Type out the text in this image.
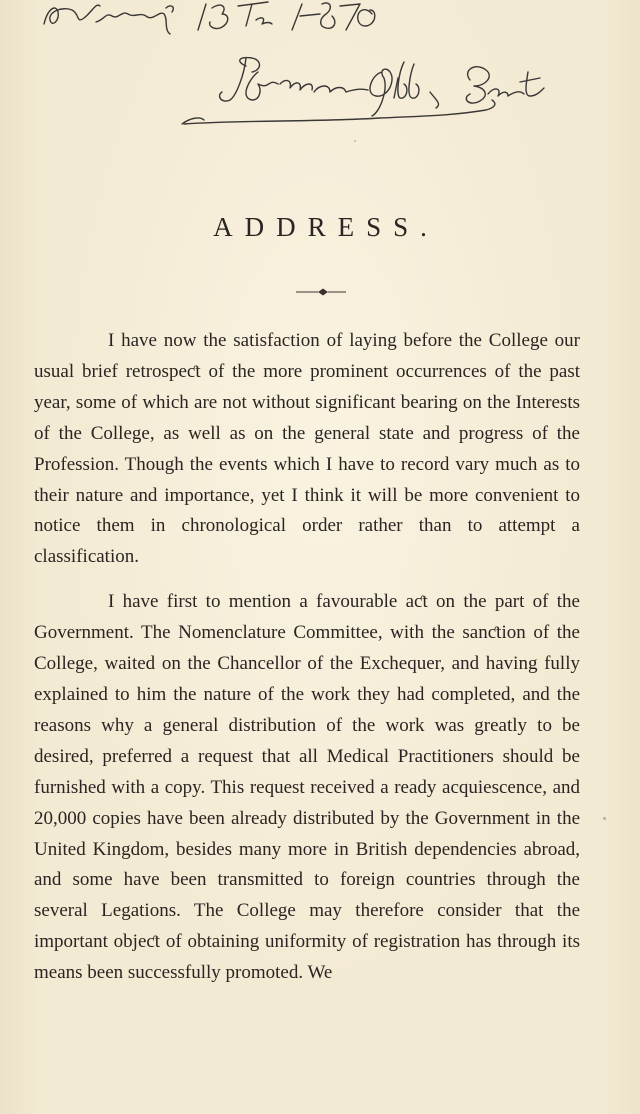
ADDRESS.

I have now the satisfaction of laying before the College our usual brief retrospeƈt of the more prominent occurrences of the past year, some of which are not without significant bearing on the Interests of the College, as well as on the general state and progress of the Profession. Though the events which I have to record vary much as to their nature and importance, yet I think it will be more convenient to notice them in chronological order rather than to attempt a classification.

I have first to mention a favourable aƈt on the part of the Government. The Nomenclature Committee, with the sanƈtion of the College, waited on the Chancellor of the Exchequer, and having fully explained to him the nature of the work they had completed, and the reasons why a general distribution of the work was greatly to be desired, preferred a request that all Medical Practitioners should be furnished with a copy. This request received a ready acquiescence, and 20,000 copies have been already distributed by the Government in the United Kingdom, besides many more in British dependencies abroad, and some have been transmitted to foreign countries through the several Legations. The College may therefore consider that the important objeƈt of obtaining uniformity of registration has through its means been successfully promoted. We
